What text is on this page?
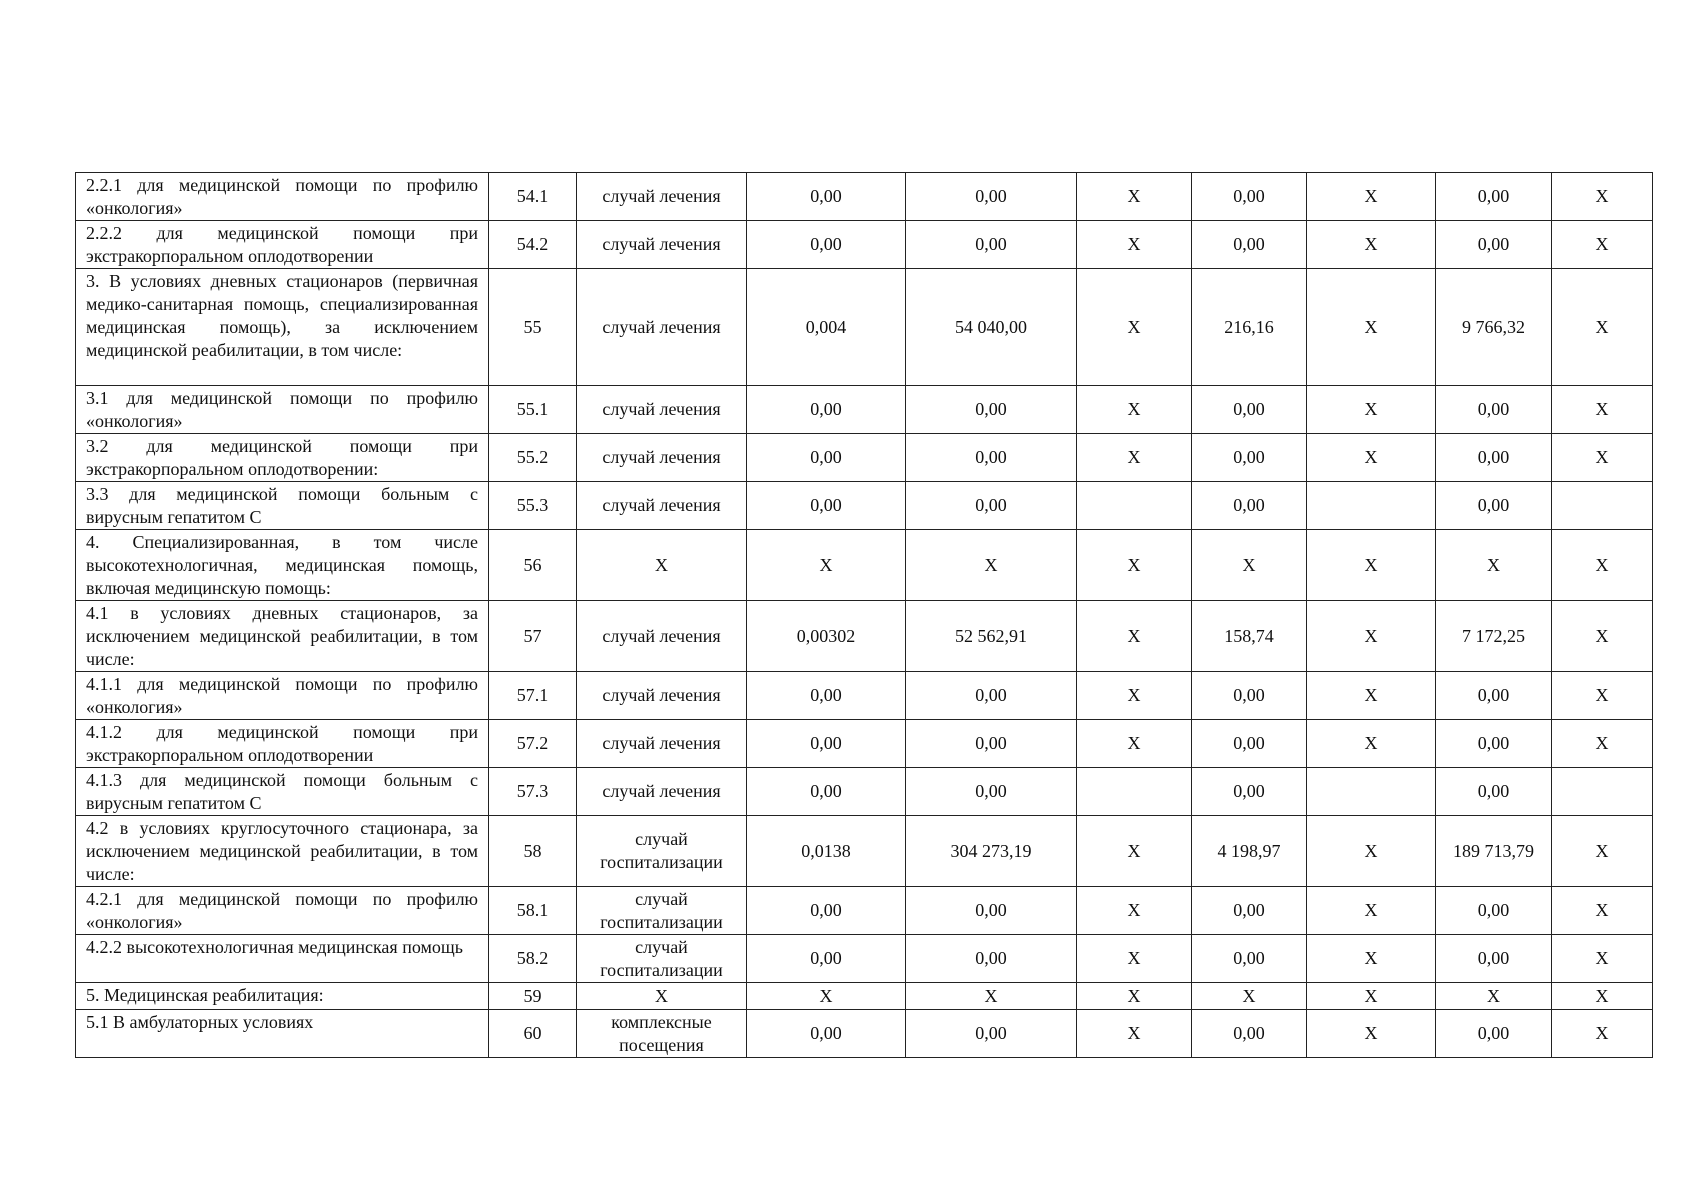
2.2.1 для медицинской помощи по профилю «онкология»	54.1	случай лечения	0,00	0,00	X	0,00	X	0,00	X
2.2.2 для медицинской помощи при экстракорпоральном оплодотворении	54.2	случай лечения	0,00	0,00	X	0,00	X	0,00	X
3. В условиях дневных стационаров (первичная медико-санитарная помощь, специализированная медицинская помощь), за исключением медицинской реабилитации, в том числе:	55	случай лечения	0,004	54 040,00	X	216,16	X	9 766,32	X
3.1 для медицинской помощи по профилю «онкология»	55.1	случай лечения	0,00	0,00	X	0,00	X	0,00	X
3.2 для медицинской помощи при экстракорпоральном оплодотворении:	55.2	случай лечения	0,00	0,00	X	0,00	X	0,00	X
3.3 для медицинской помощи больным с вирусным гепатитом С	55.3	случай лечения	0,00	0,00		0,00		0,00	
4. Специализированная, в том числе высокотехнологичная, медицинская помощь, включая медицинскую помощь:	56	X	X	X	X	X	X	X	X
4.1 в условиях дневных стационаров, за исключением медицинской реабилитации, в том числе:	57	случай лечения	0,00302	52 562,91	X	158,74	X	7 172,25	X
4.1.1 для медицинской помощи по профилю «онкология»	57.1	случай лечения	0,00	0,00	X	0,00	X	0,00	X
4.1.2 для медицинской помощи при экстракорпоральном оплодотворении	57.2	случай лечения	0,00	0,00	X	0,00	X	0,00	X
4.1.3 для медицинской помощи больным с вирусным гепатитом С	57.3	случай лечения	0,00	0,00		0,00		0,00	
4.2 в условиях круглосуточного стационара, за исключением медицинской реабилитации, в том числе:	58	случай госпитализации	0,0138	304 273,19	X	4 198,97	X	189 713,79	X
4.2.1 для медицинской помощи по профилю «онкология»	58.1	случай госпитализации	0,00	0,00	X	0,00	X	0,00	X
4.2.2 высокотехнологичная медицинская помощь	58.2	случай госпитализации	0,00	0,00	X	0,00	X	0,00	X
5. Медицинская реабилитация:	59	X	X	X	X	X	X	X	X
5.1 В амбулаторных условиях	60	комплексные посещения	0,00	0,00	X	0,00	X	0,00	X
